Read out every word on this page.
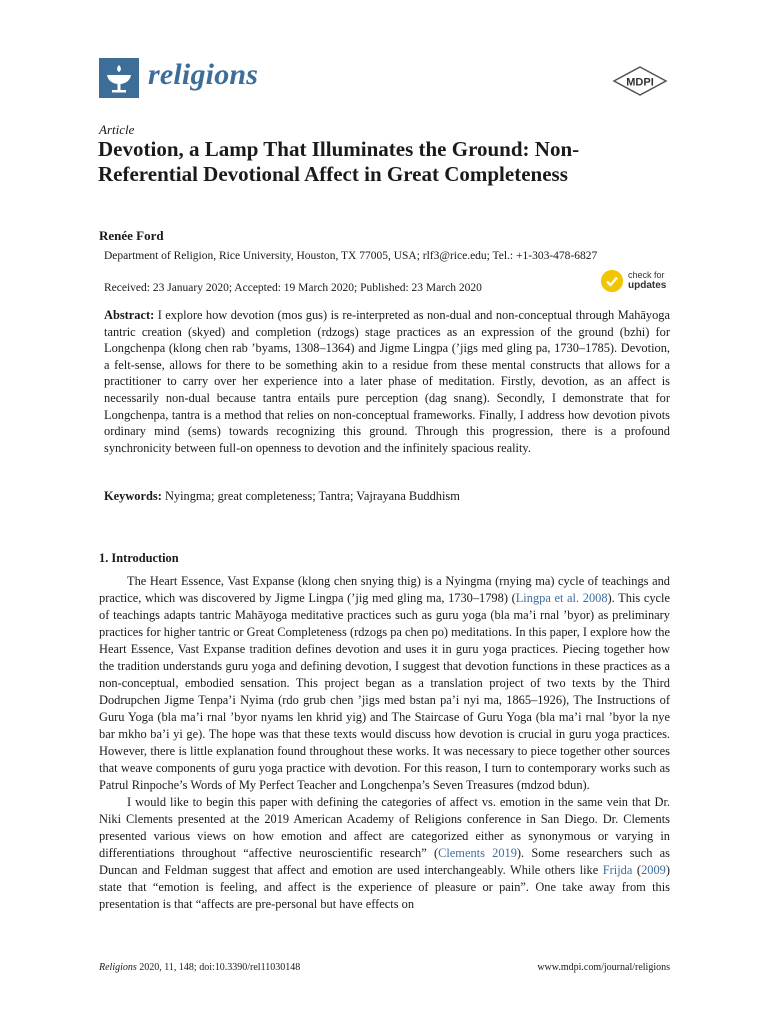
religions	MDPI
Article
Devotion, a Lamp That Illuminates the Ground: Non-Referential Devotional Affect in Great Completeness
Renée Ford
Department of Religion, Rice University, Houston, TX 77005, USA; rlf3@rice.edu; Tel.: +1-303-478-6827
Received: 23 January 2020; Accepted: 19 March 2020; Published: 23 March 2020
check for
updates
Abstract: I explore how devotion (mos gus) is re-interpreted as non-dual and non-conceptual through Mahāyoga tantric creation (skyed) and completion (rdzogs) stage practices as an expression of the ground (bzhi) for Longchenpa (klong chen rab ’byams, 1308–1364) and Jigme Lingpa (’jigs med gling pa, 1730–1785). Devotion, a felt-sense, allows for there to be something akin to a residue from these mental constructs that allows for a practitioner to carry over her experience into a later phase of meditation. Firstly, devotion, as an affect is necessarily non-dual because tantra entails pure perception (dag snang). Secondly, I demonstrate that for Longchenpa, tantra is a method that relies on non-conceptual frameworks. Finally, I address how devotion pivots ordinary mind (sems) towards recognizing this ground. Through this progression, there is a profound synchronicity between full-on openness to devotion and the infinitely spacious reality.
Keywords: Nyingma; great completeness; Tantra; Vajrayana Buddhism
1. Introduction

The Heart Essence, Vast Expanse (klong chen snying thig) is a Nyingma (rnying ma) cycle of teachings and practice, which was discovered by Jigme Lingpa (’jig med gling ma, 1730–1798) (Lingpa et al. 2008). This cycle of teachings adapts tantric Mahāyoga meditative practices such as guru yoga (bla ma’i rnal ’byor) as preliminary practices for higher tantric or Great Completeness (rdzogs pa chen po) meditations. In this paper, I explore how the Heart Essence, Vast Expanse tradition defines devotion and uses it in guru yoga practices. Piecing together how the tradition understands guru yoga and defining devotion, I suggest that devotion functions in these practices as a non-conceptual, embodied sensation. This project began as a translation project of two texts by the Third Dodrupchen Jigme Tenpa’i Nyima (rdo grub chen ’jigs med bstan pa’i nyi ma, 1865–1926), The Instructions of Guru Yoga (bla ma’i rnal ’byor nyams len khrid yig) and The Staircase of Guru Yoga (bla ma’i rnal ’byor la nye bar mkho ba’i yi ge). The hope was that these texts would discuss how devotion is crucial in guru yoga practices. However, there is little explanation found throughout these works. It was necessary to piece together other sources that weave components of guru yoga practice with devotion. For this reason, I turn to contemporary works such as Patrul Rinpoche’s Words of My Perfect Teacher and Longchenpa’s Seven Treasures (mdzod bdun).

I would like to begin this paper with defining the categories of affect vs. emotion in the same vein that Dr. Niki Clements presented at the 2019 American Academy of Religions conference in San Diego. Dr. Clements presented various views on how emotion and affect are categorized either as synonymous or varying in differentiations throughout “affective neuroscientific research” (Clements 2019). Some researchers such as Duncan and Feldman suggest that affect and emotion are used interchangeably. While others like Frijda (2009) state that “emotion is feeling, and affect is the experience of pleasure or pain”. One take away from this presentation is that “affects are pre-personal but have effects on

Religions 2020, 11, 148; doi:10.3390/rel11030148	www.mdpi.com/journal/religions
